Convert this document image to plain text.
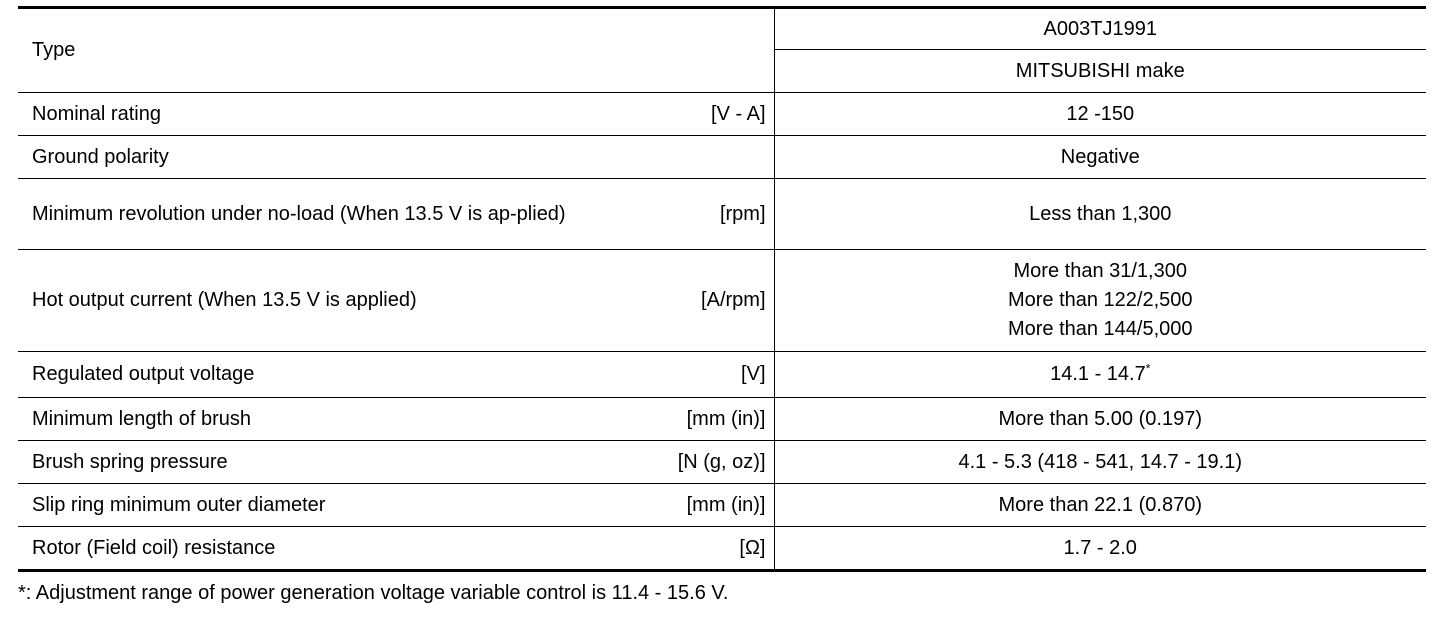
Type	A003TJ1991
	MITSUBISHI make

Nominal rating [V - A]	12 -150

Ground polarity	Negative

Minimum revolution under no-load (When 13.5 V is ap-plied) [rpm]	Less than 1,300

Hot output current (When 13.5 V is applied) [A/rpm]	More than 31/1,300
More than 122/2,500
More than 144/5,000

Regulated output voltage [V]	14.1 - 14.7*

Minimum length of brush [mm (in)]	More than 5.00 (0.197)

Brush spring pressure [N (g, oz)]	4.1 - 5.3 (418 - 541, 14.7 - 19.1)

Slip ring minimum outer diameter [mm (in)]	More than 22.1 (0.870)

Rotor (Field coil) resistance [Ω]	1.7 - 2.0
*: Adjustment range of power generation voltage variable control is 11.4 - 15.6 V.
